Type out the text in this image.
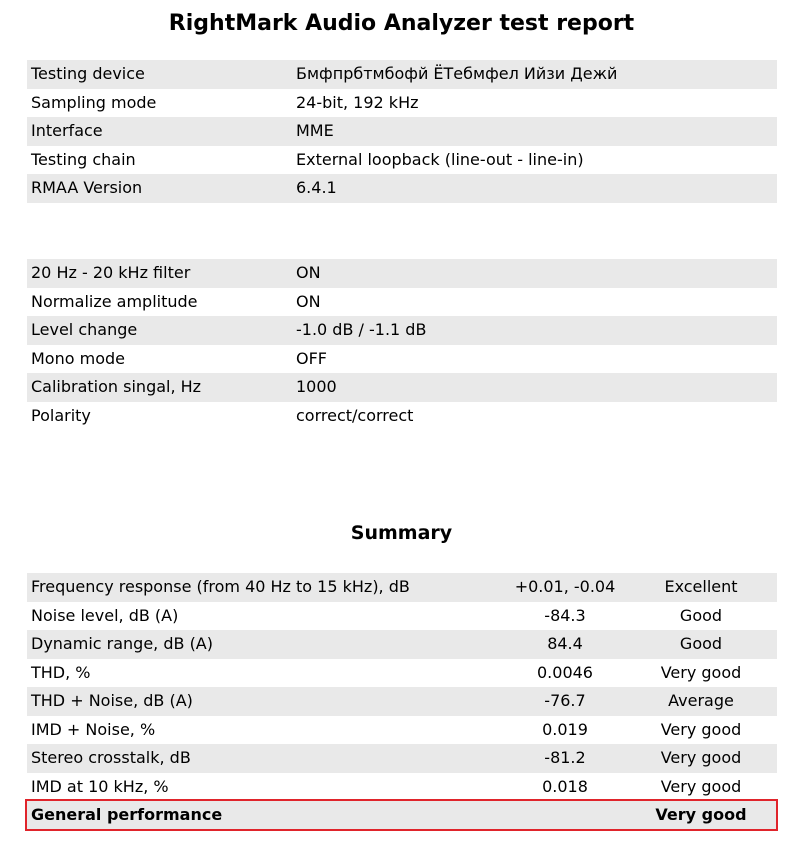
RightMark Audio Analyzer test report
Testing device	Бмфпрбтмбофй ЁТебмфел Ийзи Дежй
Sampling mode	24-bit, 192 kHz
Interface	MME
Testing chain	External loopback (line-out - line-in)
RMAA Version	6.4.1
20 Hz - 20 kHz filter	ON
Normalize amplitude	ON
Level change	-1.0 dB / -1.1 dB
Mono mode	OFF
Calibration singal, Hz	1000
Polarity	correct/correct
Summary
Frequency response (from 40 Hz to 15 kHz), dB	+0.01, -0.04	Excellent
Noise level, dB (A)	-84.3	Good
Dynamic range, dB (A)	84.4	Good
THD, %	0.0046	Very good
THD + Noise, dB (A)	-76.7	Average
IMD + Noise, %	0.019	Very good
Stereo crosstalk, dB	-81.2	Very good
IMD at 10 kHz, %	0.018	Very good
General performance		Very good
